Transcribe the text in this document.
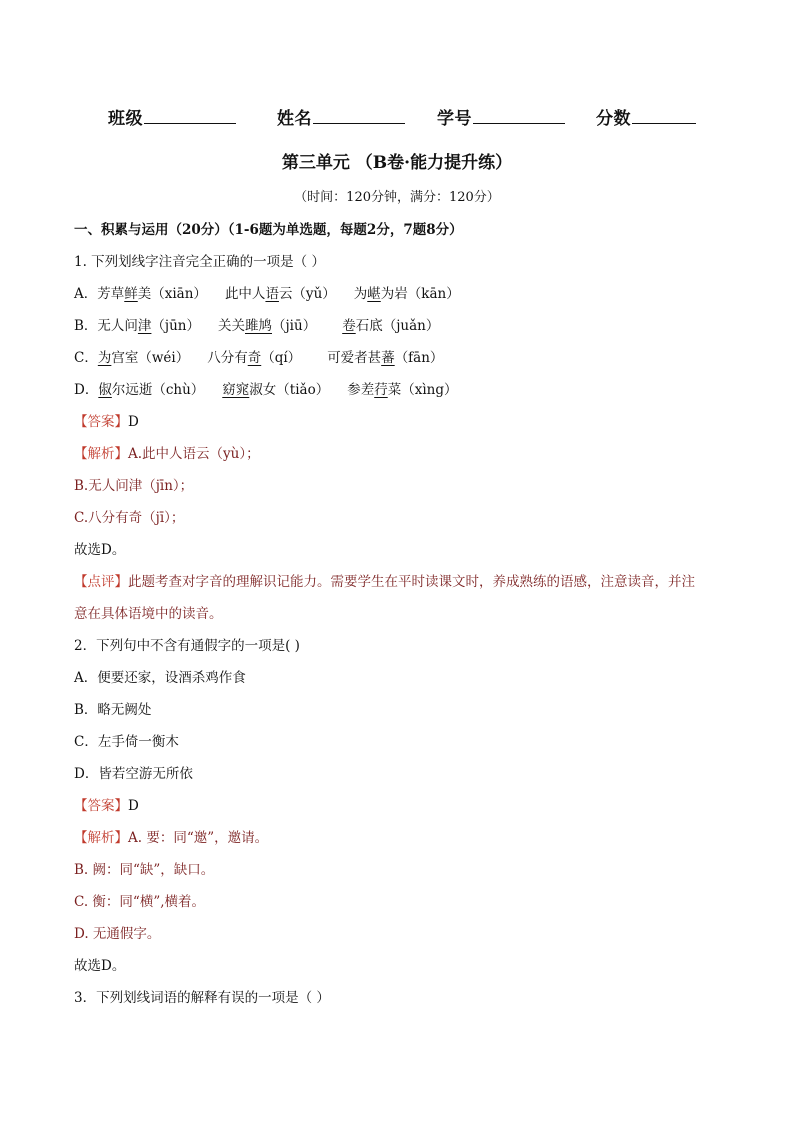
班级	姓名	学号	分数
第三单元 （B卷·能力提升练）
（时间：120分钟，满分：120分）
一、积累与运用（20分）（1-6题为单选题，每题2分，7题8分）
1. 下列划线字注音完全正确的一项是（ ）
A．芳草鲜美（xiān） 此中人语云（yǔ） 为嵁为岩（kān）
B．无人问津（jūn） 关关雎鸠（jiū） 卷石底（juǎn）
C．为宫室（wéi） 八分有奇（qí） 可爱者甚蕃（fān）
D．俶尔远逝（chù） 窈窕淑女（tiǎo） 参差荇菜（xìng）
【答案】D
【解析】A.此中人语云（yù）；
B.无人问津（jīn）；
C.八分有奇（jī）；
故选D。
【点评】此题考查对字音的理解识记能力。需要学生在平时读课文时，养成熟练的语感，注意读音，并注
意在具体语境中的读音。
2．下列句中不含有通假字的一项是( )
A．便要还家，设酒杀鸡作食
B．略无阙处
C．左手倚一衡木
D．皆若空游无所依
【答案】D
【解析】A. 要：同“邀”，邀请。
B. 阙：同“缺”，缺口。
C. 衡：同“横”,横着。
D. 无通假字。
故选D。
3．下列划线词语的解释有误的一项是（ ）
